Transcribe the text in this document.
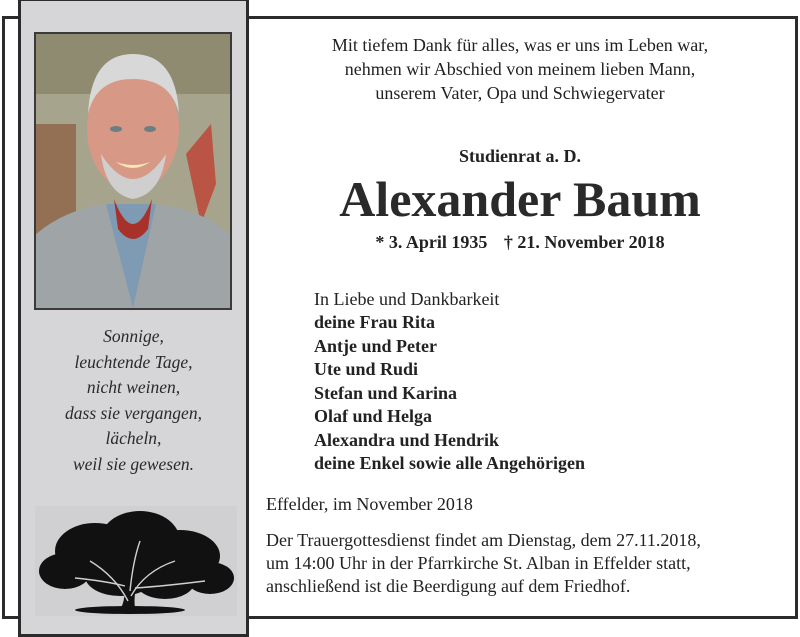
Mit tiefem Dank für alles, was er uns im Leben war,
nehmen wir Abschied von meinem lieben Mann,
unserem Vater, Opa und Schwiegervater
Studienrat a. D.
Alexander Baum
* 3. April 1935 † 21. November 2018
In Liebe und Dankbarkeit
deine Frau Rita
Antje und Peter
Ute und Rudi
Stefan und Karina
Olaf und Helga
Alexandra und Hendrik
deine Enkel sowie alle Angehörigen
Effelder, im November 2018
Der Trauergottesdienst findet am Dienstag, dem 27.11.2018,
um 14:00 Uhr in der Pfarrkirche St. Alban in Effelder statt,
anschließend ist die Beerdigung auf dem Friedhof.
Sonnige,
leuchtende Tage,
nicht weinen,
dass sie vergangen,
lächeln,
weil sie gewesen.
